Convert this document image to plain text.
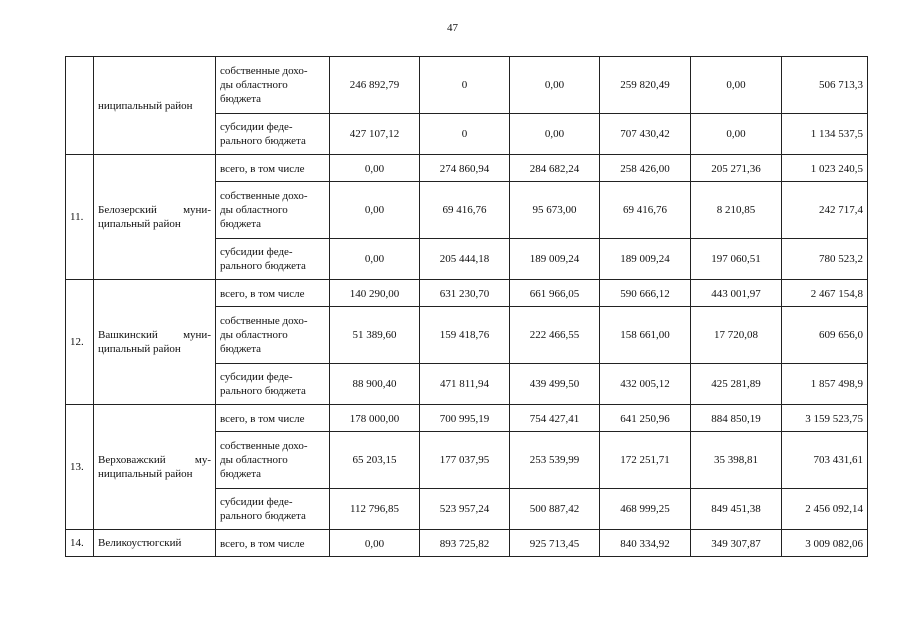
47
	ниципальный район	собственные дохо-
ды областного
бюджета	246 892,79	0	0,00	259 820,49	0,00	506 713,3

		субсидии феде-
рального бюджета	427 107,12	0	0,00	707 430,42	0,00	1 134 537,5
11.	Белозерский муни-ципальный район	всего, в том числе	0,00	274 860,94	284 682,24	258 426,00	205 271,36	1 023 240,5

		собственные дохо-
ды областного
бюджета	0,00	69 416,76	95 673,00	69 416,76	8 210,85	242 717,4

		субсидии феде-
рального бюджета	0,00	205 444,18	189 009,24	189 009,24	197 060,51	780 523,2
12.	Вашкинский муни-ципальный район	всего, в том числе	140 290,00	631 230,70	661 966,05	590 666,12	443 001,97	2 467 154,8

		собственные дохо-
ды областного
бюджета	51 389,60	159 418,76	222 466,55	158 661,00	17 720,08	609 656,0

		субсидии феде-
рального бюджета	88 900,40	471 811,94	439 499,50	432 005,12	425 281,89	1 857 498,9
13.	Верховажский му-ниципальный район	всего, в том числе	178 000,00	700 995,19	754 427,41	641 250,96	884 850,19	3 159 523,75

		собственные дохо-
ды областного
бюджета	65 203,15	177 037,95	253 539,99	172 251,71	35 398,81	703 431,61

		субсидии феде-
рального бюджета	112 796,85	523 957,24	500 887,42	468 999,25	849 451,38	2 456 092,14
14.	Великоустюгский	всего, в том числе	0,00	893 725,82	925 713,45	840 334,92	349 307,87	3 009 082,06
